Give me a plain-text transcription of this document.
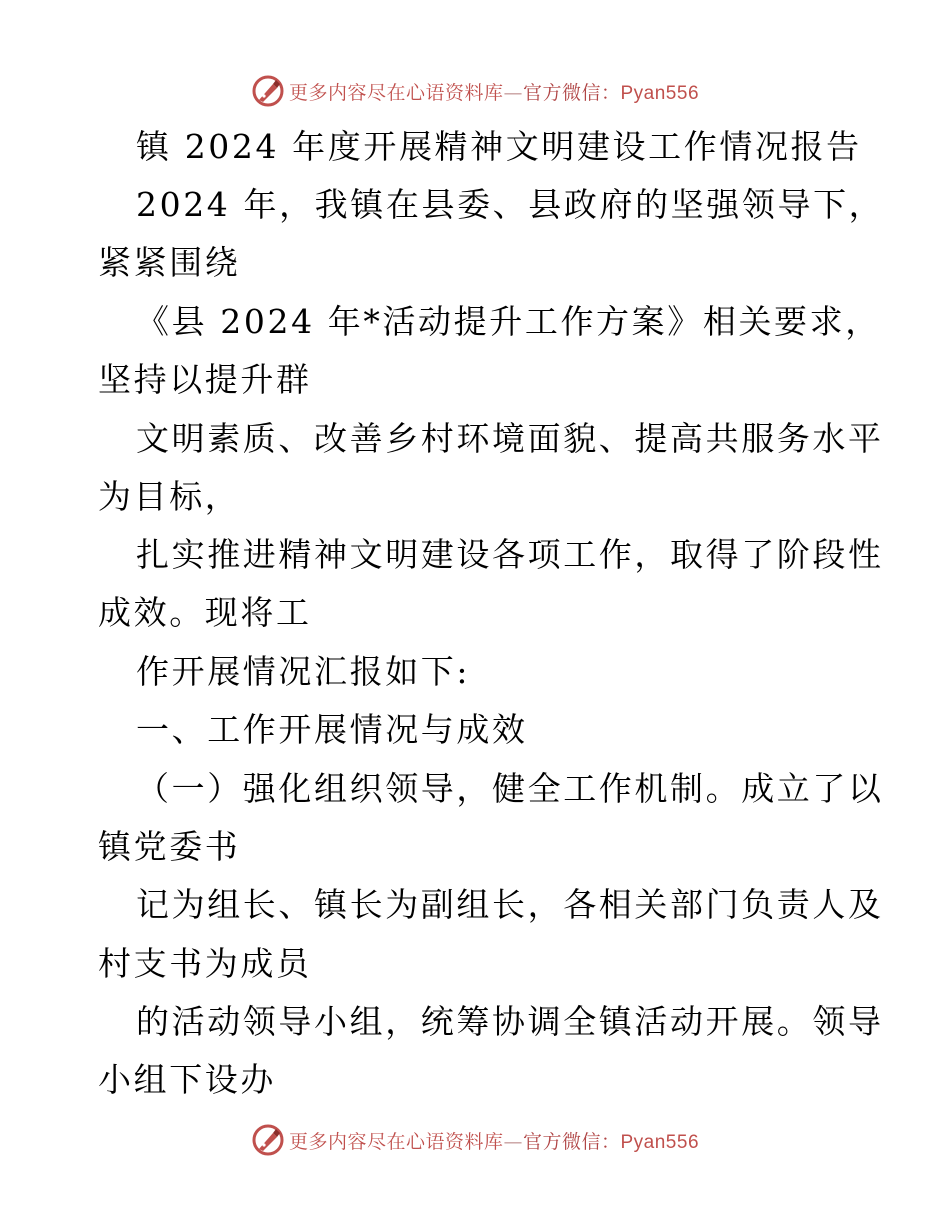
更多内容尽在心语资料库—官方微信：Pyan556
镇 2024 年度开展精神文明建设工作情况报告
2024 年，我镇在县委、县政府的坚强领导下，
紧紧围绕
《县 2024 年*活动提升工作方案》相关要求，
坚持以提升群
文明素质、改善乡村环境面貌、提高共服务水平
为目标，
扎实推进精神文明建设各项工作，取得了阶段性
成效。现将工
作开展情况汇报如下:
一、工作开展情况与成效
（一）强化组织领导，健全工作机制。成立了以
镇党委书
记为组长、镇长为副组长，各相关部门负责人及
村支书为成员
的活动领导小组，统筹协调全镇活动开展。领导
小组下设办
更多内容尽在心语资料库—官方微信：Pyan556
